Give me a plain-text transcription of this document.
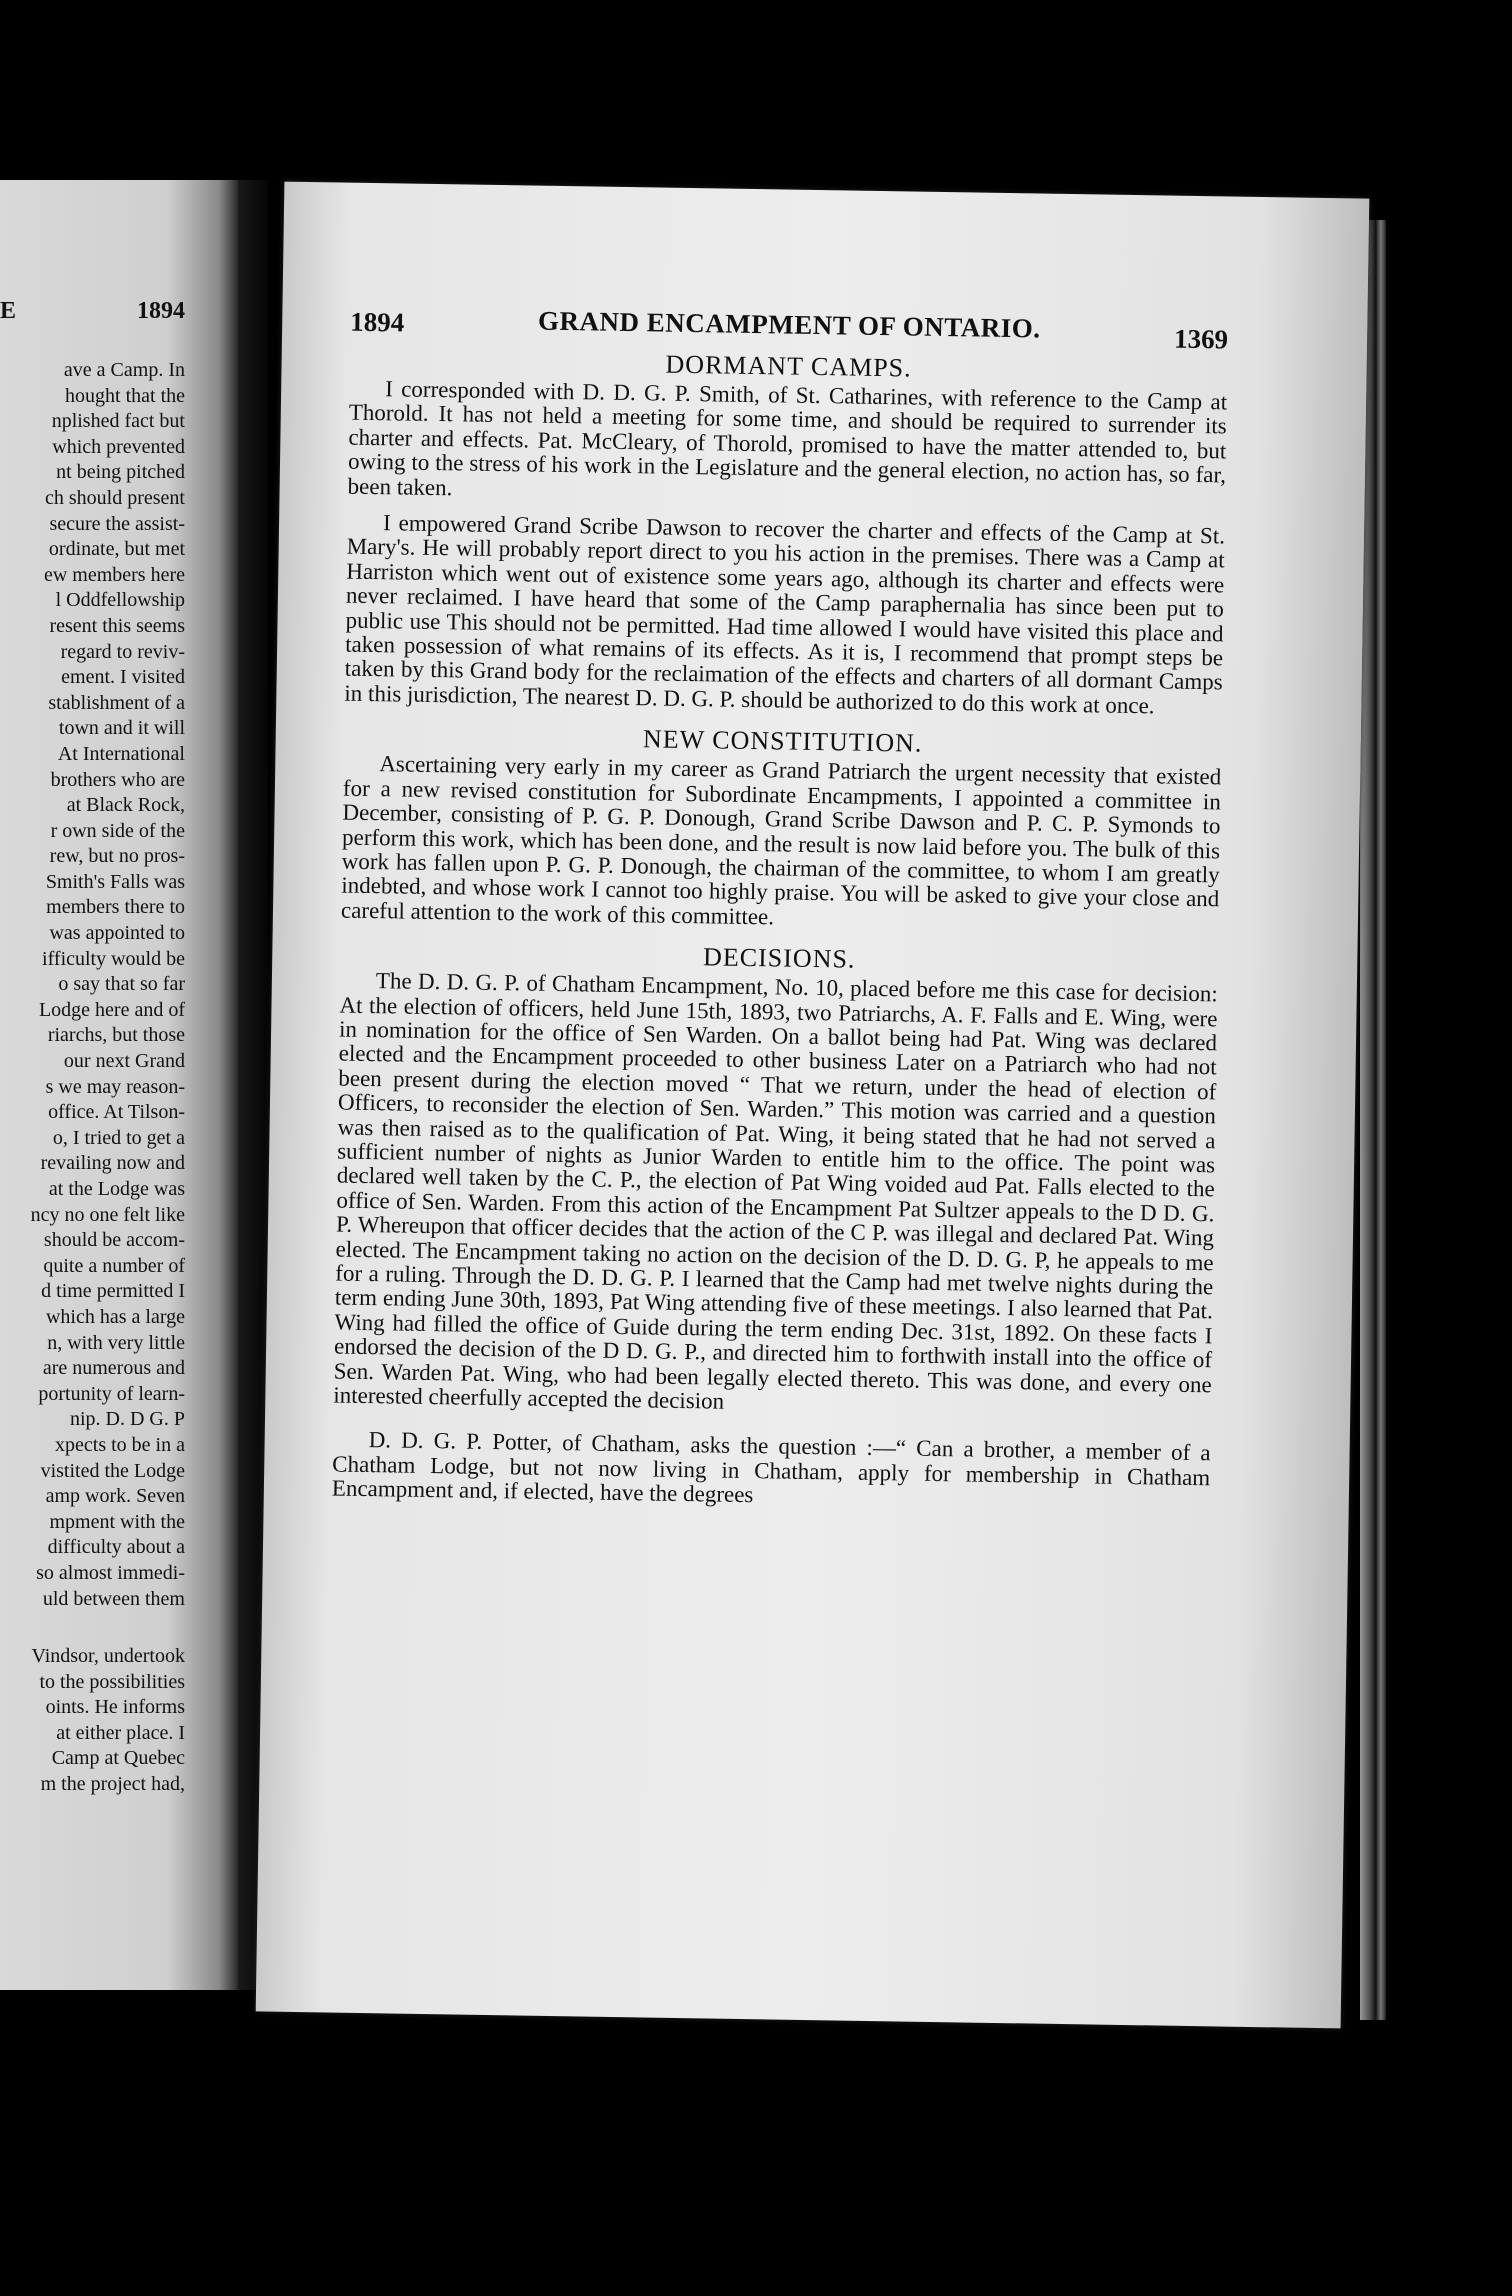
E	1894
ave a Camp. In
hought that the
nplished fact but
which prevented
nt being pitched
ch should present
secure the assist-
ordinate, but met
ew members here
l Oddfellowship
resent this seems
regard to reviv-
ement. I visited
stablishment of a
town and it will
At International
brothers who are
at Black Rock,
r own side of the
rew, but no pros-
Smith's Falls was
members there to
was appointed to
ifficulty would be
o say that so far
Lodge here and of
riarchs, but those
our next Grand
s we may reason-
office. At Tilson-
o, I tried to get a
revailing now and
at the Lodge was
ncy no one felt like
should be accom-
quite a number of
d time permitted I
which has a large
n, with very little
are numerous and
portunity of learn-
nip. D. D G. P
xpects to be in a
vistited the Lodge
amp work. Seven
mpment with the
difficulty about a
so almost immedi-
uld between them
Vindsor, undertook
to the possibilities
oints. He informs
at either place. I
Camp at Quebec
m the project had,
1894	GRAND ENCAMPMENT OF ONTARIO.	1369
DORMANT CAMPS.

I corresponded with D. D. G. P. Smith, of St. Catharines, with reference to the Camp at Thorold. It has not held a meeting for some time, and should be required to surrender its charter and effects. Pat. McCleary, of Thorold, promised to have the matter attended to, but owing to the stress of his work in the Legislature and the general election, no action has, so far, been taken.

I empowered Grand Scribe Dawson to recover the charter and effects of the Camp at St. Mary's. He will probably report direct to you his action in the premises. There was a Camp at Harriston which went out of existence some years ago, although its charter and effects were never reclaimed. I have heard that some of the Camp paraphernalia has since been put to public use This should not be permitted. Had time allowed I would have visited this place and taken possession of what remains of its effects. As it is, I recommend that prompt steps be taken by this Grand body for the reclaimation of the effects and charters of all dormant Camps in this jurisdiction, The nearest D. D. G. P. should be authorized to do this work at once.

NEW CONSTITUTION.

Ascertaining very early in my career as Grand Patriarch the urgent necessity that existed for a new revised constitution for Subordinate Encampments, I appointed a committee in December, consisting of P. G. P. Donough, Grand Scribe Dawson and P. C. P. Symonds to perform this work, which has been done, and the result is now laid before you. The bulk of this work has fallen upon P. G. P. Donough, the chairman of the committee, to whom I am greatly indebted, and whose work I cannot too highly praise. You will be asked to give your close and careful attention to the work of this committee.

DECISIONS.

The D. D. G. P. of Chatham Encampment, No. 10, placed before me this case for decision: At the election of officers, held June 15th, 1893, two Patriarchs, A. F. Falls and E. Wing, were in nomination for the office of Sen Warden. On a ballot being had Pat. Wing was declared elected and the Encampment proceeded to other business Later on a Patriarch who had not been present during the election moved “ That we return, under the head of election of Officers, to reconsider the election of Sen. Warden.” This motion was carried and a question was then raised as to the qualification of Pat. Wing, it being stated that he had not served a sufficient number of nights as Junior Warden to entitle him to the office. The point was declared well taken by the C. P., the election of Pat Wing voided aud Pat. Falls elected to the office of Sen. Warden. From this action of the Encampment Pat Sultzer appeals to the D D. G. P. Whereupon that officer decides that the action of the C P. was illegal and declared Pat. Wing elected. The Encampment taking no action on the decision of the D. D. G. P, he appeals to me for a ruling. Through the D. D. G. P. I learned that the Camp had met twelve nights during the term ending June 30th, 1893, Pat Wing attending five of these meetings. I also learned that Pat. Wing had filled the office of Guide during the term ending Dec. 31st, 1892. On these facts I endorsed the decision of the D D. G. P., and directed him to forthwith install into the office of Sen. Warden Pat. Wing, who had been legally elected thereto. This was done, and every one interested cheerfully accepted the decision

D. D. G. P. Potter, of Chatham, asks the question :—“ Can a brother, a member of a Chatham Lodge, but not now living in Chatham, apply for membership in Chatham Encampment and, if elected, have the degrees
